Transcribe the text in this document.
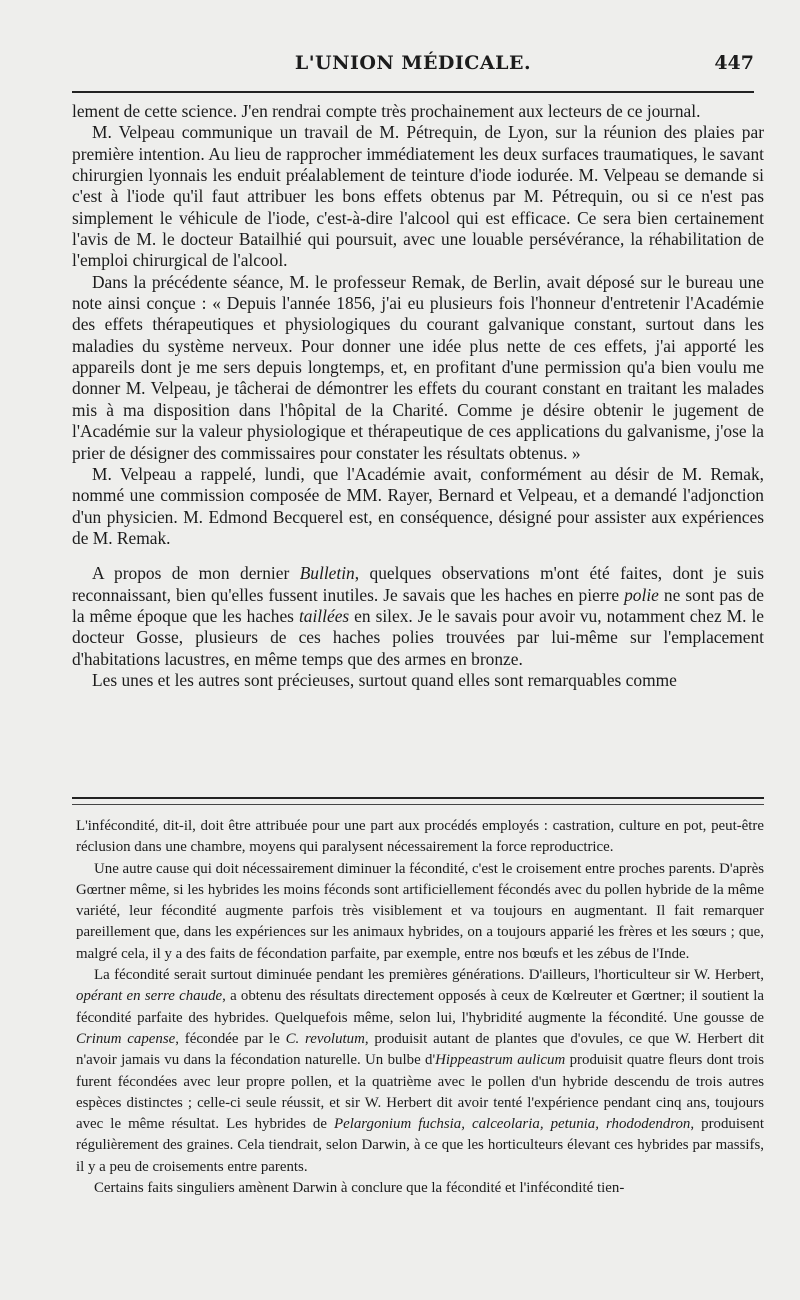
L'UNION MÉDICALE.	447

lement de cette science. J'en rendrai compte très prochainement aux lecteurs de ce journal.

M. Velpeau communique un travail de M. Pétrequin, de Lyon, sur la réunion des plaies par première intention. Au lieu de rapprocher immédiatement les deux surfaces traumatiques, le savant chirurgien lyonnais les enduit préalablement de teinture d'iode iodurée. M. Velpeau se demande si c'est à l'iode qu'il faut attribuer les bons effets obtenus par M. Pétrequin, ou si ce n'est pas simplement le véhicule de l'iode, c'est-à-dire l'alcool qui est efficace. Ce sera bien certainement l'avis de M. le docteur Batailhié qui poursuit, avec une louable persévérance, la réhabilitation de l'emploi chirurgical de l'alcool.

Dans la précédente séance, M. le professeur Remak, de Berlin, avait déposé sur le bureau une note ainsi conçue : « Depuis l'année 1856, j'ai eu plusieurs fois l'honneur d'entretenir l'Académie des effets thérapeutiques et physiologiques du courant galvanique constant, surtout dans les maladies du système nerveux. Pour donner une idée plus nette de ces effets, j'ai apporté les appareils dont je me sers depuis longtemps, et, en profitant d'une permission qu'a bien voulu me donner M. Velpeau, je tâcherai de démontrer les effets du courant constant en traitant les malades mis à ma disposition dans l'hôpital de la Charité. Comme je désire obtenir le jugement de l'Académie sur la valeur physiologique et thérapeutique de ces applications du galvanisme, j'ose la prier de désigner des commissaires pour constater les résultats obtenus. »

M. Velpeau a rappelé, lundi, que l'Académie avait, conformément au désir de M. Remak, nommé une commission composée de MM. Rayer, Bernard et Velpeau, et a demandé l'adjonction d'un physicien. M. Edmond Becquerel est, en conséquence, désigné pour assister aux expériences de M. Remak.

A propos de mon dernier Bulletin, quelques observations m'ont été faites, dont je suis reconnaissant, bien qu'elles fussent inutiles. Je savais que les haches en pierre polie ne sont pas de la même époque que les haches taillées en silex. Je le savais pour avoir vu, notamment chez M. le docteur Gosse, plusieurs de ces haches polies trouvées par lui-même sur l'emplacement d'habitations lacustres, en même temps que des armes en bronze.

Les unes et les autres sont précieuses, surtout quand elles sont remarquables comme

L'infécondité, dit-il, doit être attribuée pour une part aux procédés employés : castration, culture en pot, peut-être réclusion dans une chambre, moyens qui paralysent nécessairement la force reproductrice.

Une autre cause qui doit nécessairement diminuer la fécondité, c'est le croisement entre proches parents. D'après Gœrtner même, si les hybrides les moins féconds sont artificiellement fécondés avec du pollen hybride de la même variété, leur fécondité augmente parfois très visiblement et va toujours en augmentant. Il fait remarquer pareillement que, dans les expériences sur les animaux hybrides, on a toujours apparié les frères et les sœurs ; que, malgré cela, il y a des faits de fécondation parfaite, par exemple, entre nos bœufs et les zébus de l'Inde.

La fécondité serait surtout diminuée pendant les premières générations. D'ailleurs, l'horticulteur sir W. Herbert, opérant en serre chaude, a obtenu des résultats directement opposés à ceux de Kœlreuter et Gœrtner; il soutient la fécondité parfaite des hybrides. Quelquefois même, selon lui, l'hybridité augmente la fécondité. Une gousse de Crinum capense, fécondée par le C. revolutum, produisit autant de plantes que d'ovules, ce que W. Herbert dit n'avoir jamais vu dans la fécondation naturelle. Un bulbe d'Hippeastrum aulicum produisit quatre fleurs dont trois furent fécondées avec leur propre pollen, et la quatrième avec le pollen d'un hybride descendu de trois autres espèces distinctes ; celle-ci seule réussit, et sir W. Herbert dit avoir tenté l'expérience pendant cinq ans, toujours avec le même résultat. Les hybrides de Pelargonium fuchsia, calceolaria, petunia, rhododendron, produisent régulièrement des graines. Cela tiendrait, selon Darwin, à ce que les horticulteurs élevant ces hybrides par massifs, il y a peu de croisements entre parents.

Certains faits singuliers amènent Darwin à conclure que la fécondité et l'infécondité tien-
